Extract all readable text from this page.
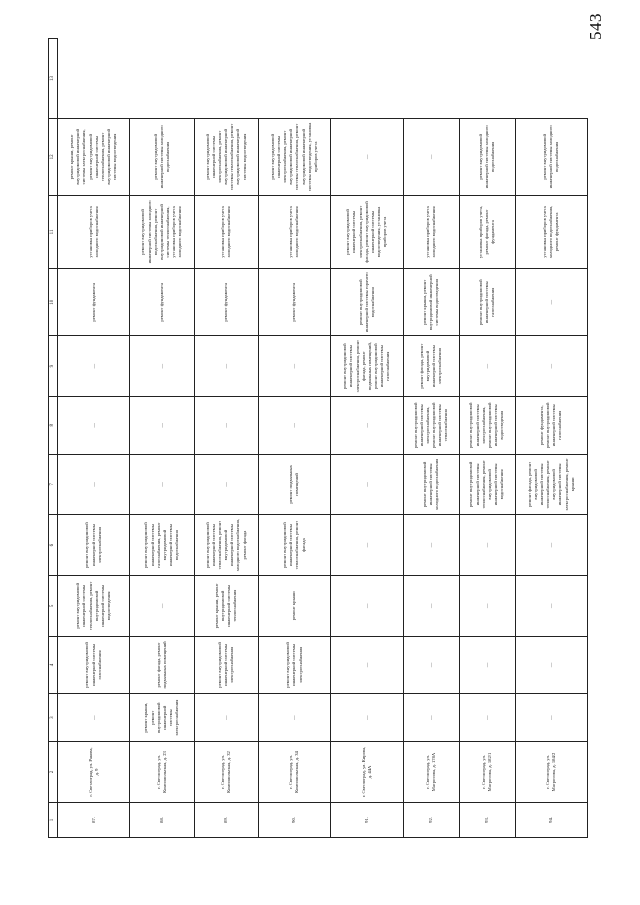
543
1	2	3	4	5	6	7	8	9	10	11	12	13
87.	г. Светлоград, ул. Ракова, д. 9	—	ремонт внутридомовой инженерной системы газоснабжения	ремонт внутридомовой инженерной системы теплоснабжения, ремонт внутридомовой инженерной системы водоотведения	ремонт внутридомовой инженерной системы электроснабжения	—	—	—	ремонт фундамента	установка приборов учета холодного водоснабжения	ремонт крыши, ремонт внутридомовой инженерной системы электроснабжения, ремонт внутридомовой инженерной системы теплоснабжения, ремонт внутридомовой инженерной системы водоотведения	
88.	г. Светлоград, ул. Комсомольская, д. 23	ремонт крыши, ремонт внутридомовой инженерной системы электроснабжения	ремонт фасада, ремонт подвальных помещений	—	ремонт внутридомовой инженерной системы газоснабжения, ремонт внутридомовой инженерной системы водоснабжения	—	—	—	ремонт фундамента	ремонт внутридомовой инженерной системы холодного водоснабжения, ремонт внутридомовой инженерной системы теплоснабжения, установка приборов учета холодного водоснабжения	ремонт внутридомовой инженерной системы холодного водоснабжения	
89.	г. Светлоград, ул. Комсомольская, д. 32	—	ремонт внутридомовой инженерной системы электроснабжения	ремонт крыши, ремонт внутридомовой инженерной системы теплоснабжения	ремонт внутридомовой инженерной системы теплоснабжения, ремонт внутридомовой инженерной системы холодного водоснабжения, ремонт фасада	—	—	—	ремонт фундамента	установка приборов учета холодного водоснабжения	ремонт внутридомовой инженерной системы электроснабжения, ремонт внутридомовой инженерной системы теплоснабжения, ремонт внутридомовой инженерной системы водоотведения	
90.	г. Светлоград, ул. Комсомольская, д. 34	—	ремонт внутридомовой инженерной системы электроснабжения	ремонт крыши	ремонт внутридомовой инженерной системы теплоснабжения, ремонт фасада	ремонт подвальных помещений	—	—	ремонт фундамента	установка приборов учета холодного водоснабжения	ремонт внутридомовой инженерной системы электроснабжения, ремонт внутридомовой инженерной системы теплоснабжения, ремонт внутридомовой инженерной системы водоотведения, установка приборов учета	
91.	г. Светлоград, ул. Кирова, д. 44А	—	—	—	—	—	—	ремонт внутридомовой инженерной системы электроснабжения, ремонт фасада, ремонт подвальных помещений, ремонт внутридомовой инженерной системы газоснабжения	ремонт внутридомовой инженерной системы горячего водоснабжения	ремонт внутридомовой инженерной системы электроснабжения, ремонт фасада, ремонт внутридомовой инженерной системы водоотведения, установка приборов учета	—	
92.	г. Светлоград, ул. Матросова, д. 178А	—	—	—	—	ремонт внутридомовой инженерной системы холодного водоснабжения	ремонт внутридомовой инженерной системы электроснабжения, ремонт внутридомовой инженерной системы теплоснабжения	ремонт фасада, ремонт внутридомовой инженерной системы электроснабжения	ремонт крыши, ремонт внутридомовой инженерной системы водоотведения	установка приборов учета холодного водоснабжения	—	
93.	г. Светлоград, ул. Матросова, д. 182/1	—	—	—	—	ремонт внутридомовой инженерной системы теплоснабжения, ремонт внутридомовой инженерной системы водоснабжения	ремонт внутридомовой инженерной системы электроснабжения, ремонт внутридомовой инженерной системы водоотведения	—	ремонт внутридомовой инженерной системы газоснабжения	установка приборов учета, ремонт фасада, ремонт фундамента	ремонт внутридомовой инженерной системы холодного водоснабжения	
94.	г. Светлоград, ул. Матросова, д. 184/2	—	—	—	—	ремонт фасада, ремонт внутридомовой инженерной системы теплоснабжения, ремонт внутридомовой инженерной системы электроснабжения, ремонт крыши	ремонт фундамента, ремонт внутридомовой инженерной системы газоснабжения	—	—	установка приборов учета холодного водоснабжения, ремонт фундамента	ремонт внутридомовой инженерной системы холодного водоснабжения	
